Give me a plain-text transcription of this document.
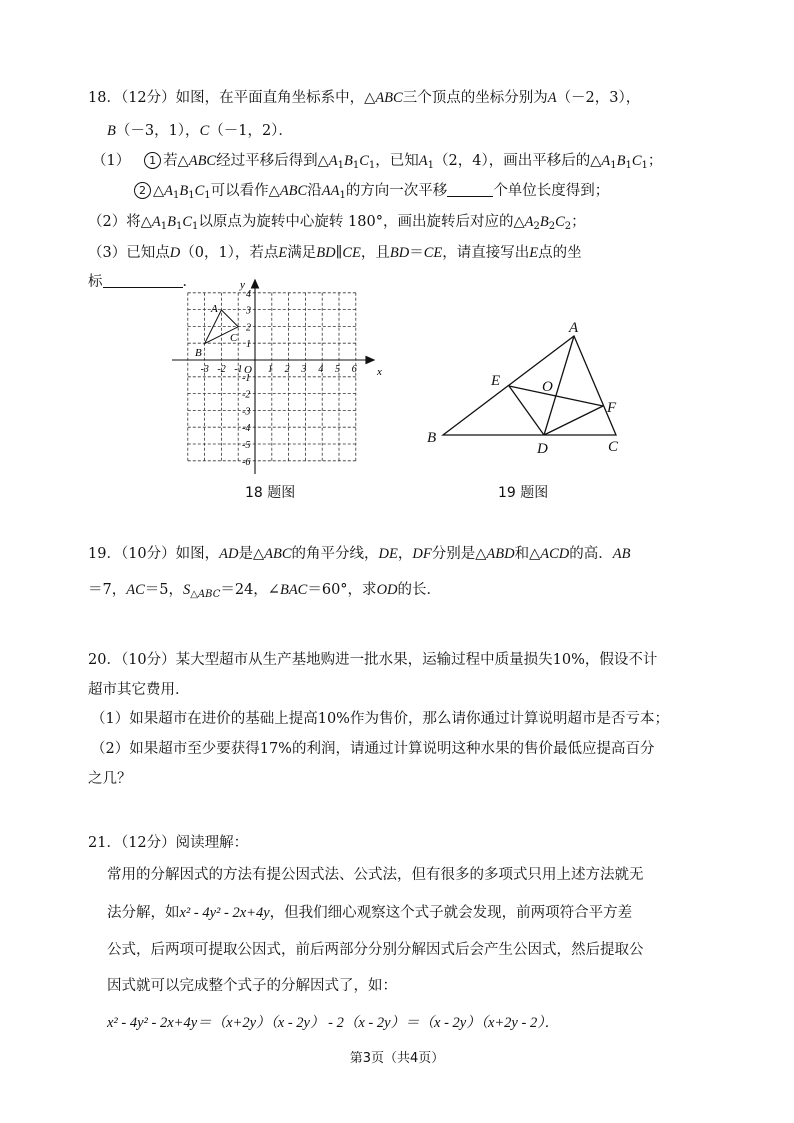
18．（12分）如图，在平面直角坐标系中，△ABC三个顶点的坐标分别为A（－2，3），
B（－3，1），C（－1，2）．
（1） 1 若△ABC经过平移后得到$\triangle A_1B_1C_1$，已知$A_1(2$，4），画出平移后的$\triangle A_1B_1C_1$；
2 $\triangle A_1B_1C_1$可以看作△ABC沿$AA_1$的方向一次平移	个单位长度得到；
（2）将$\triangle A_1B_1C_1$以原点为旋转中心旋转 180°，画出旋转后对应的$\triangle A_2B_2C_2$；
（3）已知点D（0，1），若点E满足BD∥CE，且BD＝CE，请直接写出E点的坐
标	．
x
y
O
A
B
C
-3 -2 -1	1 2 3 4 5 6
4
3
2
1
-1
-2
-3
-4
-5
-6
A
B
C
D
E
F
O
18 题图	19 题图
19．（10分）如图，AD是△ABC的角平分线，DE，DF分别是△ABD和△ACD的高．AB
＝7，AC＝5，$S_{\triangle ABC}=24$，∠BAC＝60°，求OD的长．
20．（10分）某大型超市从生产基地购进一批水果，运输过程中质量损失10%，假设不计
超市其它费用．
（1）如果超市在进价的基础上提高10%作为售价，那么请你通过计算说明超市是否亏本；
（2）如果超市至少要获得17%的利润，请通过计算说明这种水果的售价最低应提高百分
之几？
21．（12分）阅读理解：
常用的分解因式的方法有提公因式法、公式法，但有很多的多项式只用上述方法就无
法分解，如x² - 4y² - 2x+4y，但我们细心观察这个式子就会发现，前两项符合平方差
公式，后两项可提取公因式，前后两部分分别分解因式后会产生公因式，然后提取公
因式就可以完成整个式子的分解因式了，如：
x² - 4y² - 2x+4y＝（x+2y）（x - 2y） - 2（x - 2y）＝（x - 2y）（x+2y - 2）．
第3页（共4页）
